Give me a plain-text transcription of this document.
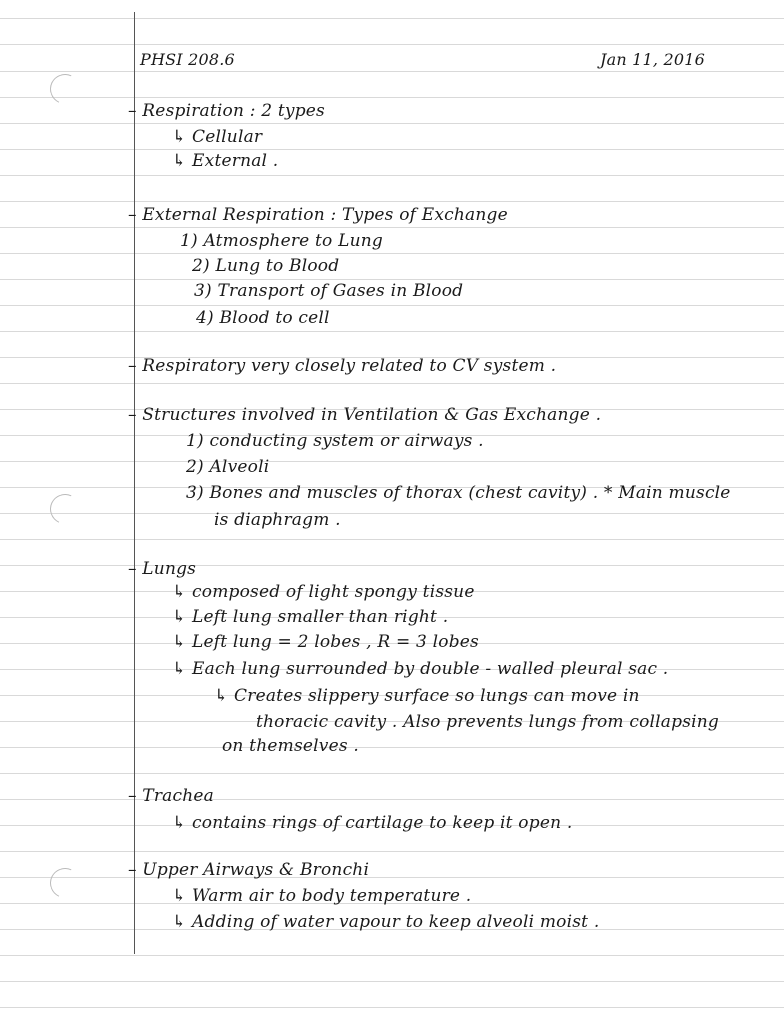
PHSI 208.6	Jan 11, 2016
– Respiration : 2 types
↳ Cellular
↳ External .
– External Respiration : Types of Exchange
1) Atmosphere to Lung
2) Lung to Blood
3) Transport of Gases in Blood
4) Blood to cell
– Respiratory very closely related to CV system .
– Structures involved in Ventilation & Gas Exchange .
1) conducting system or airways .
2) Alveoli
3) Bones and muscles of thorax (chest cavity) . * Main muscle
is diaphragm .
– Lungs
↳ composed of light spongy tissue
↳ Left lung smaller than right .
↳ Left lung = 2 lobes , R = 3 lobes
↳ Each lung surrounded by double - walled pleural sac .
↳ Creates slippery surface so lungs can move in
thoracic cavity . Also prevents lungs from collapsing
on themselves .
– Trachea
↳ contains rings of cartilage to keep it open .
– Upper Airways & Bronchi
↳ Warm air to body temperature .
↳ Adding of water vapour to keep alveoli moist .
